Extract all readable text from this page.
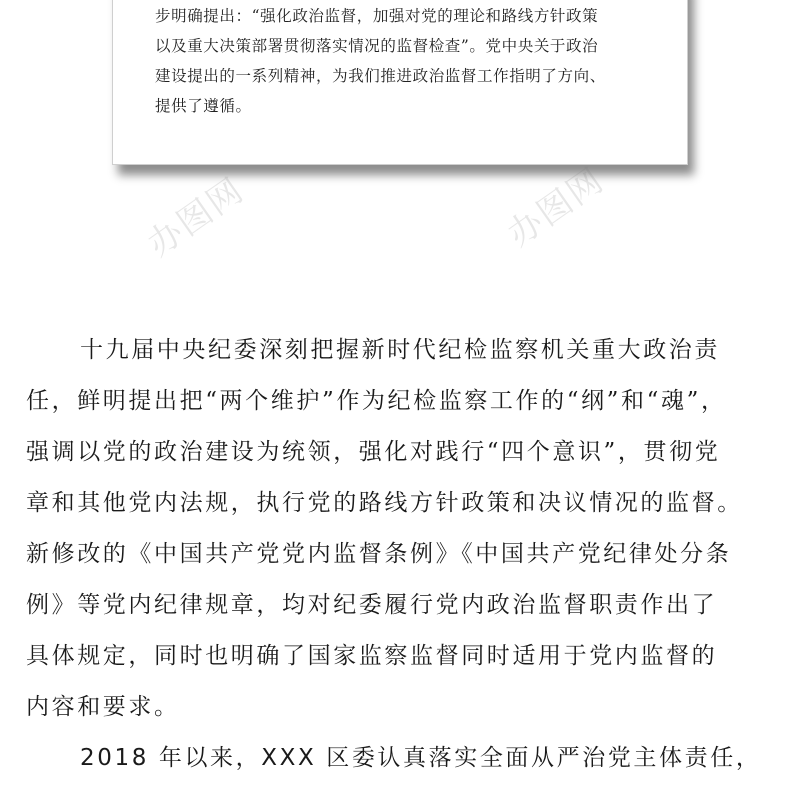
步明确提出：“强化政治监督，加强对党的理论和路线方针政策
以及重大决策部署贯彻落实情况的监督检查”。党中央关于政治
建设提出的一系列精神，为我们推进政治监督工作指明了方向、
提供了遵循。
办图网	办图网
十九届中央纪委深刻把握新时代纪检监察机关重大政治责
任，鲜明提出把“两个维护”作为纪检监察工作的“纲”和“魂”，
强调以党的政治建设为统领，强化对践行“四个意识”，贯彻党
章和其他党内法规，执行党的路线方针政策和决议情况的监督。
新修改的《中国共产党党内监督条例》《中国共产党纪律处分条
例》等党内纪律规章，均对纪委履行党内政治监督职责作出了
具体规定，同时也明确了国家监察监督同时适用于党内监督的
内容和要求。
2018 年以来，XXX 区委认真落实全面从严治党主体责任，
